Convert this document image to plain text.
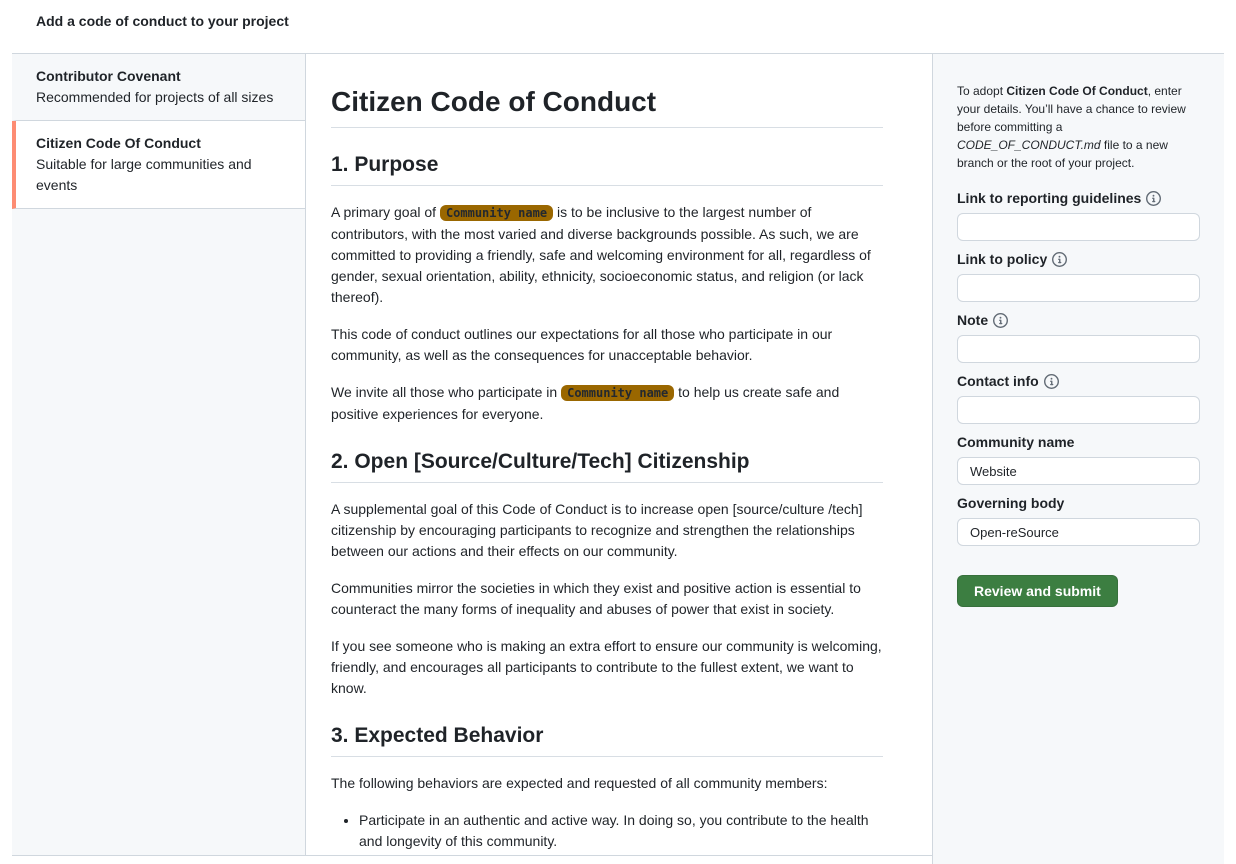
Add a code of conduct to your project
Contributor Covenant
Recommended for projects of all sizes
Citizen Code Of Conduct
Suitable for large communities and events
Citizen Code of Conduct
1. Purpose

A primary goal of Community name is to be inclusive to the largest number of contributors, with the most varied and diverse backgrounds possible. As such, we are committed to providing a friendly, safe and welcoming environment for all, regardless of gender, sexual orientation, ability, ethnicity, socioeconomic status, and religion (or lack thereof).

This code of conduct outlines our expectations for all those who participate in our community, as well as the consequences for unacceptable behavior.

We invite all those who participate in Community name to help us create safe and positive experiences for everyone.

2. Open [Source/Culture/Tech] Citizenship

A supplemental goal of this Code of Conduct is to increase open [source/culture /tech] citizenship by encouraging participants to recognize and strengthen the relationships between our actions and their effects on our community.

Communities mirror the societies in which they exist and positive action is essential to counteract the many forms of inequality and abuses of power that exist in society.

If you see someone who is making an extra effort to ensure our community is welcoming, friendly, and encourages all participants to contribute to the fullest extent, we want to know.

3. Expected Behavior

The following behaviors are expected and requested of all community members:

• Participate in an authentic and active way. In doing so, you contribute to the health and longevity of this community.

To adopt Citizen Code Of Conduct, enter your details. You’ll have a chance to review before committing a CODE_OF_CONDUCT.md file to a new branch or the root of your project.

Link to reporting guidelines
Link to policy
Note
Contact info
Community name
Website
Governing body
Open-reSource
Review and submit
